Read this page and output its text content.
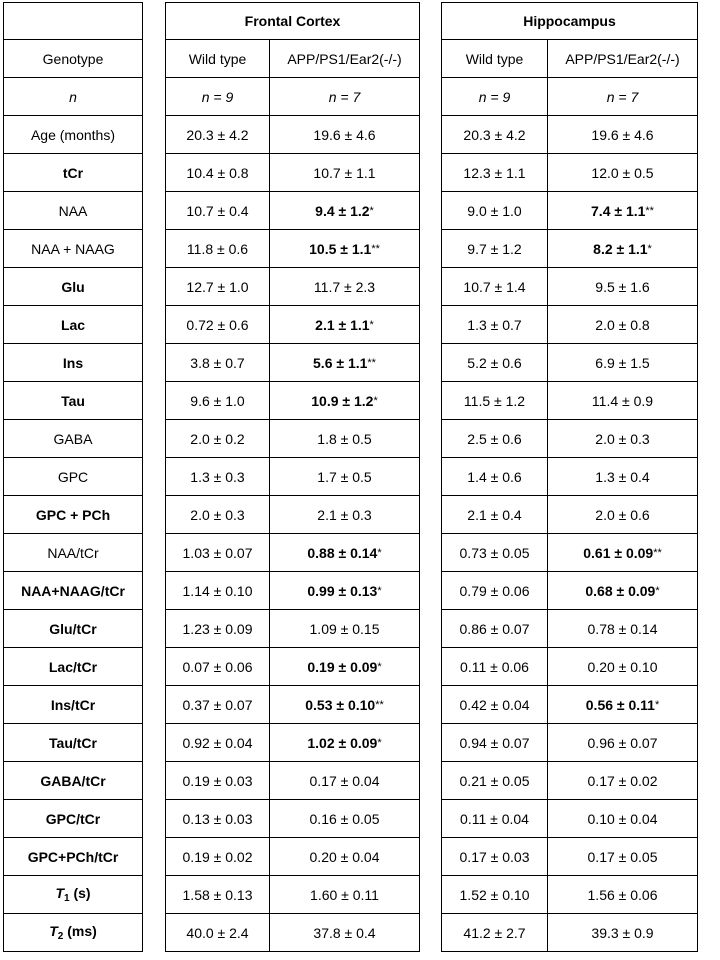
		Frontal Cortex			Hippocampus	
Genotype		Wild type	APP/PS1/Ear2(-/-)		Wild type	APP/PS1/Ear2(-/-)
n		n = 9	n = 7		n = 9	n = 7
Age (months)		20.3 ± 4.2	19.6 ± 4.6		20.3 ± 4.2	19.6 ± 4.6
tCr		10.4 ± 0.8	10.7 ± 1.1		12.3 ± 1.1	12.0 ± 0.5
NAA		10.7 ± 0.4	9.4 ± 1.2*		9.0 ± 1.0	7.4 ± 1.1**
NAA + NAAG		11.8 ± 0.6	10.5 ± 1.1**		9.7 ± 1.2	8.2 ± 1.1*
Glu		12.7 ± 1.0	11.7 ± 2.3		10.7 ± 1.4	9.5 ± 1.6
Lac		0.72 ± 0.6	2.1 ± 1.1*		1.3 ± 0.7	2.0 ± 0.8
Ins		3.8 ± 0.7	5.6 ± 1.1**		5.2 ± 0.6	6.9 ± 1.5
Tau		9.6 ± 1.0	10.9 ± 1.2*		11.5 ± 1.2	11.4 ± 0.9
GABA		2.0 ± 0.2	1.8 ± 0.5		2.5 ± 0.6	2.0 ± 0.3
GPC		1.3 ± 0.3	1.7 ± 0.5		1.4 ± 0.6	1.3 ± 0.4
GPC + PCh		2.0 ± 0.3	2.1 ± 0.3		2.1 ± 0.4	2.0 ± 0.6
NAA/tCr		1.03 ± 0.07	0.88 ± 0.14*		0.73 ± 0.05	0.61 ± 0.09**
NAA+NAAG/tCr		1.14 ± 0.10	0.99 ± 0.13*		0.79 ± 0.06	0.68 ± 0.09*
Glu/tCr		1.23 ± 0.09	1.09 ± 0.15		0.86 ± 0.07	0.78 ± 0.14
Lac/tCr		0.07 ± 0.06	0.19 ± 0.09*		0.11 ± 0.06	0.20 ± 0.10
Ins/tCr		0.37 ± 0.07	0.53 ± 0.10**		0.42 ± 0.04	0.56 ± 0.11*
Tau/tCr		0.92 ± 0.04	1.02 ± 0.09*		0.94 ± 0.07	0.96 ± 0.07
GABA/tCr		0.19 ± 0.03	0.17 ± 0.04		0.21 ± 0.05	0.17 ± 0.02
GPC/tCr		0.13 ± 0.03	0.16 ± 0.05		0.11 ± 0.04	0.10 ± 0.04
GPC+PCh/tCr		0.19 ± 0.02	0.20 ± 0.04		0.17 ± 0.03	0.17 ± 0.05
$T_1$ (s)		1.58 ± 0.13	1.60 ± 0.11		1.52 ± 0.10	1.56 ± 0.06
$T_2$ (ms)		40.0 ± 2.4	37.8 ± 0.4		41.2 ± 2.7	39.3 ± 0.9
